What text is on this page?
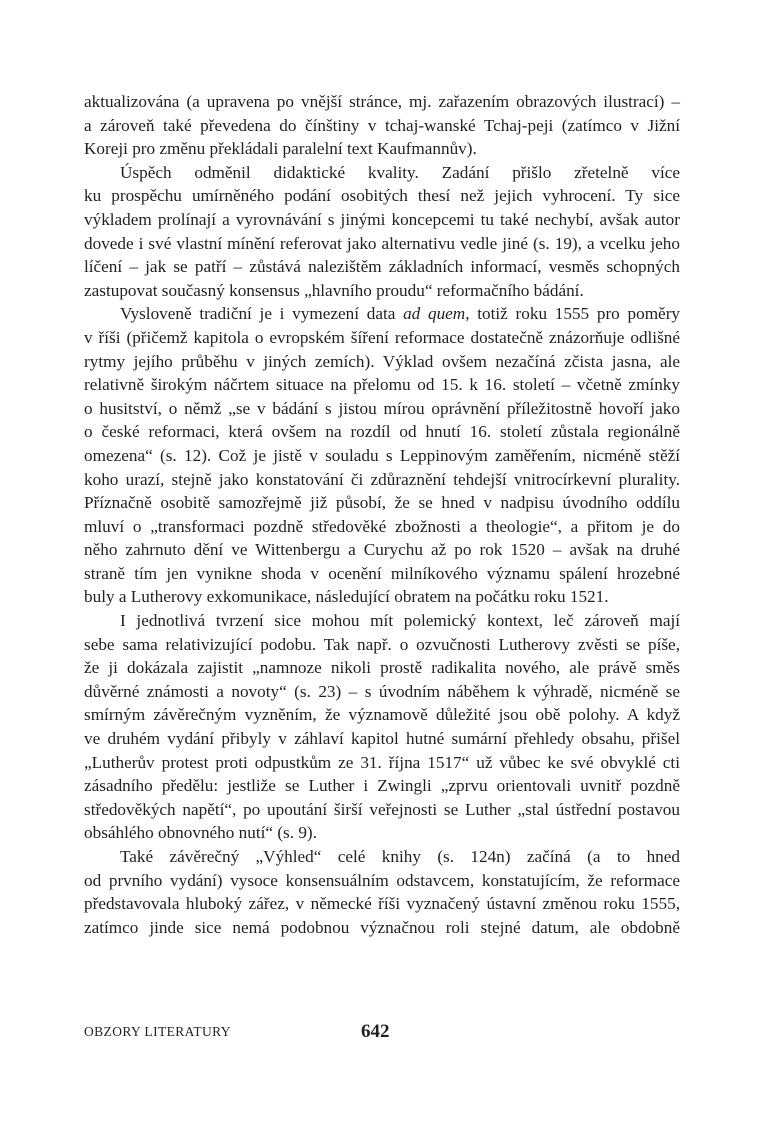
aktualizována (a upravena po vnější stránce, mj. zařazením obrazových ilustrací) –
a zároveň také převedena do čínštiny v tchaj-wanské Tchaj-peji (zatímco v Jižní
Koreji pro změnu překládali paralelní text Kaufmannův).
Úspěch odměnil didaktické kvality. Zadání přišlo zřetelně více
ku prospěchu umírněného podání osobitých thesí než jejich vyhrocení. Ty sice
výkladem prolínají a vyrovnávání s jinými koncepcemi tu také nechybí, avšak autor
dovede i své vlastní mínění referovat jako alternativu vedle jiné (s. 19), a vcelku jeho
líčení – jak se patří – zůstává nalezištěm základních informací, vesměs schopných
zastupovat současný konsensus „hlavního proudu“ reformačního bádání.
Vysloveně tradiční je i vymezení data ad quem, totiž roku 1555 pro poměry
v říši (přičemž kapitola o evropském šíření reformace dostatečně znázorňuje odlišné
rytmy jejího průběhu v jiných zemích). Výklad ovšem nezačíná zčista jasna, ale
relativně širokým náčrtem situace na přelomu od 15. k 16. století – včetně zmínky
o husitství, o němž „se v bádání s jistou mírou oprávnění příležitostně hovoří jako
o české reformaci, která ovšem na rozdíl od hnutí 16. století zůstala regionálně
omezena“ (s. 12). Což je jistě v souladu s Leppinovým zaměřením, nicméně stěží
koho urazí, stejně jako konstatování či zdůraznění tehdejší vnitrocírkevní plurality.
Příznačně osobitě samozřejmě již působí, že se hned v nadpisu úvodního oddílu
mluví o „transformaci pozdně středověké zbožnosti a theologie“, a přitom je do
něho zahrnuto dění ve Wittenbergu a Curychu až po rok 1520 – avšak na druhé
straně tím jen vynikne shoda v ocenění milníkového významu spálení hrozebné
buly a Lutherovy exkomunikace, následující obratem na počátku roku 1521.
I jednotlivá tvrzení sice mohou mít polemický kontext, leč zároveň mají
sebe sama relativizující podobu. Tak např. o ozvučnosti Lutherovy zvěsti se píše,
že ji dokázala zajistit „namnoze nikoli prostě radikalita nového, ale právě směs
důvěrné známosti a novoty“ (s. 23) – s úvodním náběhem k výhradě, nicméně se
smírným závěrečným vyzněním, že významově důležité jsou obě polohy. A když
ve druhém vydání přibyly v záhlaví kapitol hutné sumární přehledy obsahu, přišel
„Lutherův protest proti odpustkům ze 31. října 1517“ už vůbec ke své obvyklé cti
zásadního předělu: jestliže se Luther i Zwingli „zprvu orientovali uvnitř pozdně
středověkých napětí“, po upoutání širší veřejnosti se Luther „stal ústřední postavou
obsáhlého obnovného nutí“ (s. 9).
Také závěrečný „Výhled“ celé knihy (s. 124n) začíná (a to hned
od prvního vydání) vysoce konsensuálním odstavcem, konstatujícím, že reformace
představovala hluboký zářez, v německé říši vyznačený ústavní změnou roku 1555,
zatímco jinde sice nemá podobnou význačnou roli stejné datum, ale obdobně
OBZORY LITERATURY	642
